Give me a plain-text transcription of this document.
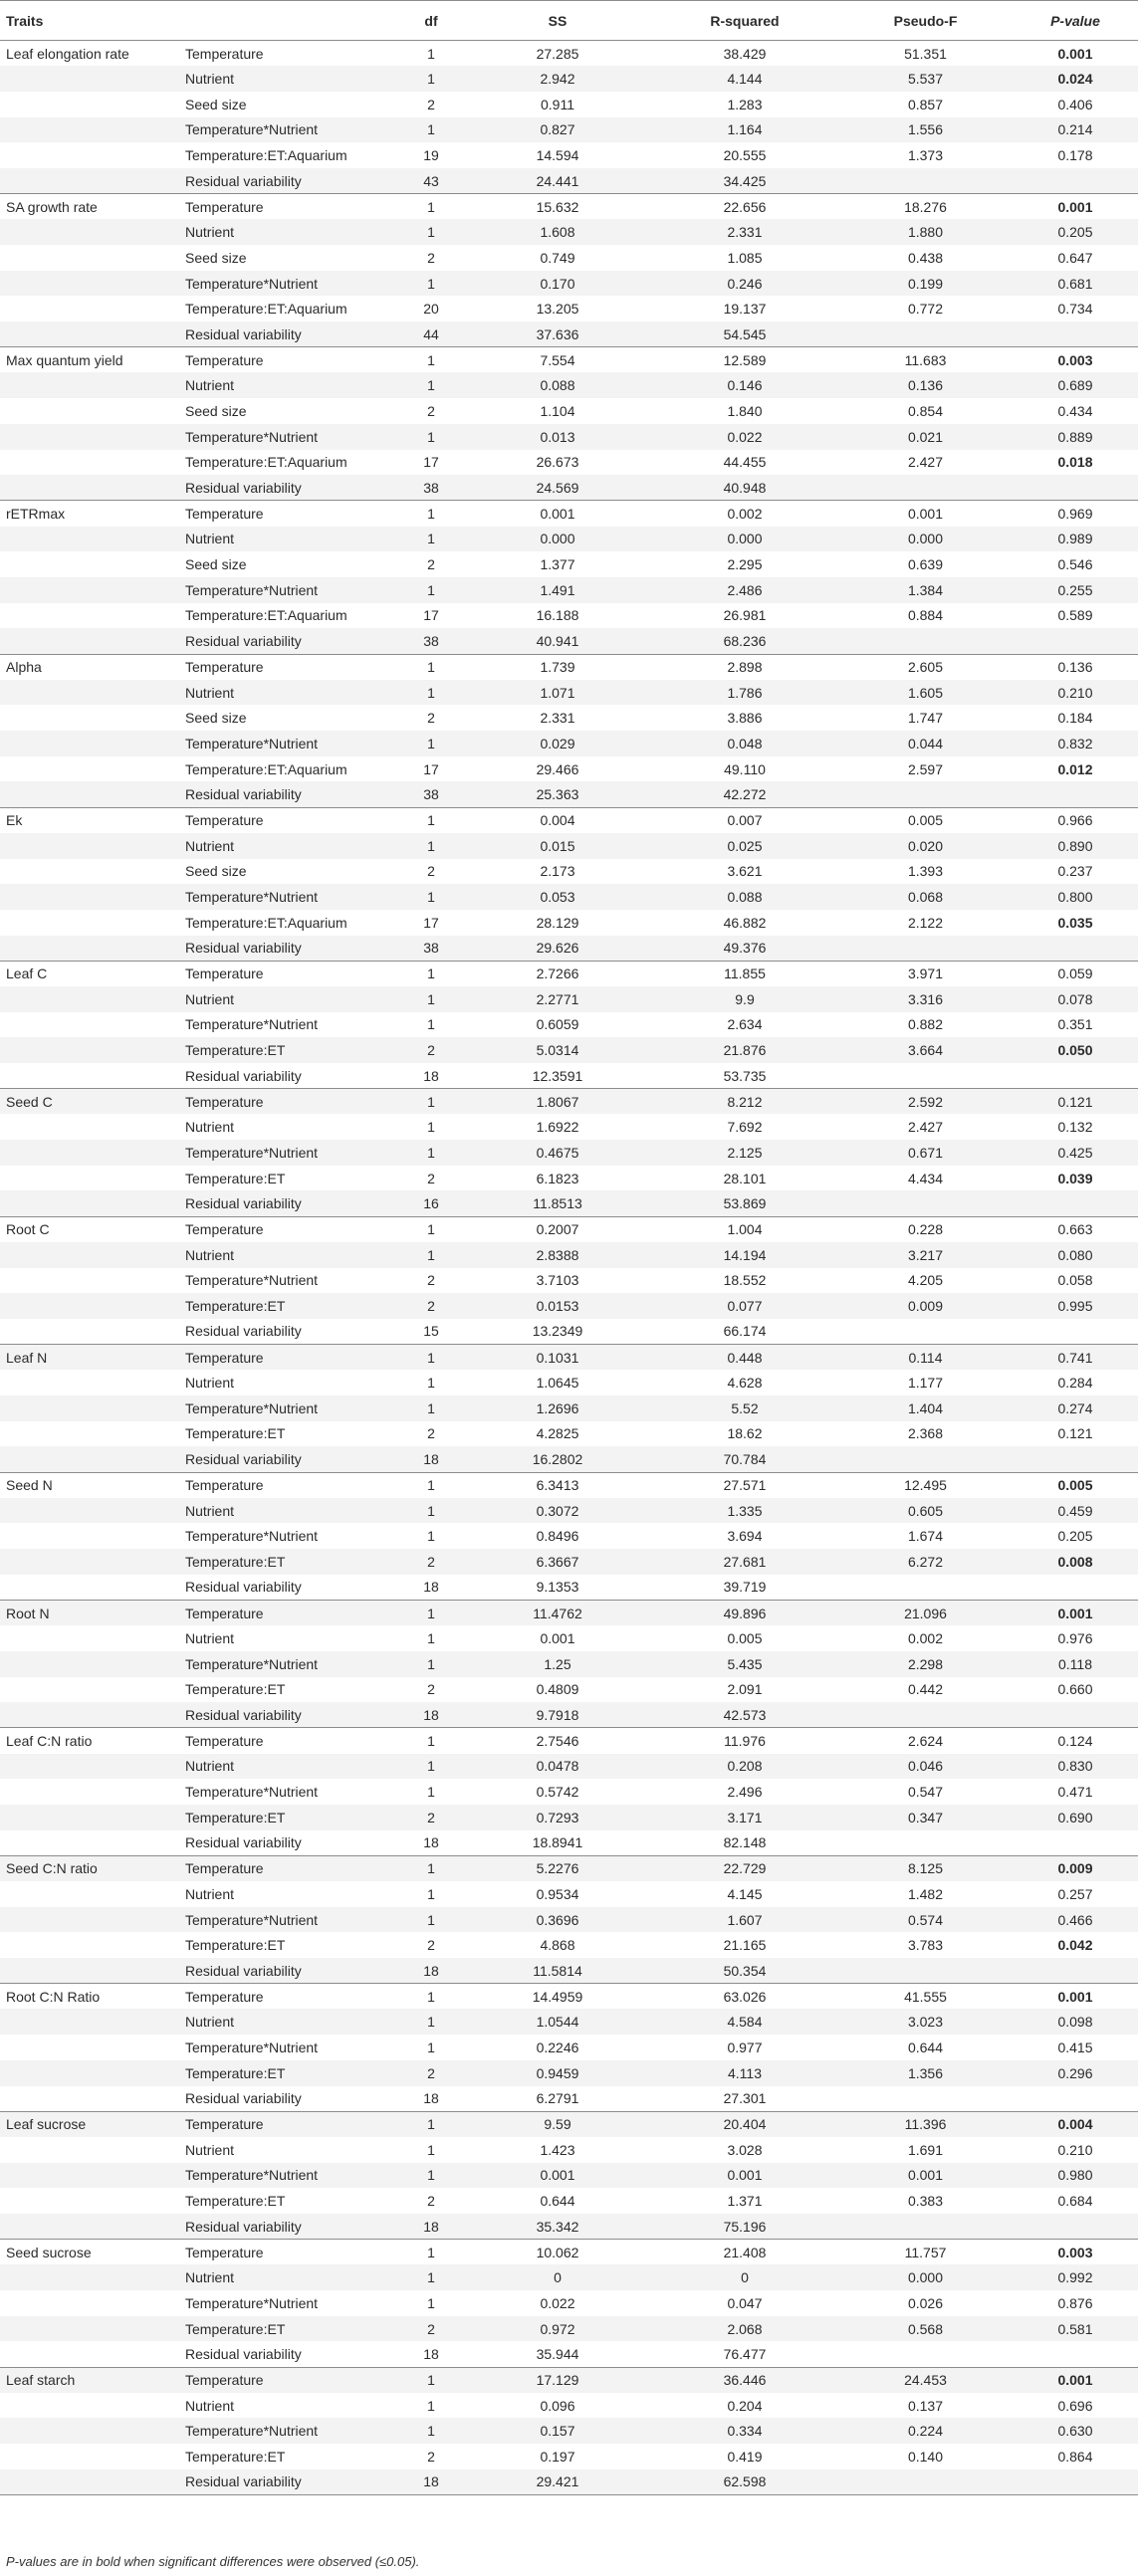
Traits		df	SS	R-squared	Pseudo-F	P-value
Leaf elongation rate	Temperature	1	27.285	38.429	51.351	0.001
	Nutrient	1	2.942	4.144	5.537	0.024
	Seed size	2	0.911	1.283	0.857	0.406
	Temperature*Nutrient	1	0.827	1.164	1.556	0.214
	Temperature:ET:Aquarium	19	14.594	20.555	1.373	0.178
	Residual variability	43	24.441	34.425		
SA growth rate	Temperature	1	15.632	22.656	18.276	0.001
	Nutrient	1	1.608	2.331	1.880	0.205
	Seed size	2	0.749	1.085	0.438	0.647
	Temperature*Nutrient	1	0.170	0.246	0.199	0.681
	Temperature:ET:Aquarium	20	13.205	19.137	0.772	0.734
	Residual variability	44	37.636	54.545		
Max quantum yield	Temperature	1	7.554	12.589	11.683	0.003
	Nutrient	1	0.088	0.146	0.136	0.689
	Seed size	2	1.104	1.840	0.854	0.434
	Temperature*Nutrient	1	0.013	0.022	0.021	0.889
	Temperature:ET:Aquarium	17	26.673	44.455	2.427	0.018
	Residual variability	38	24.569	40.948		
rETRmax	Temperature	1	0.001	0.002	0.001	0.969
	Nutrient	1	0.000	0.000	0.000	0.989
	Seed size	2	1.377	2.295	0.639	0.546
	Temperature*Nutrient	1	1.491	2.486	1.384	0.255
	Temperature:ET:Aquarium	17	16.188	26.981	0.884	0.589
	Residual variability	38	40.941	68.236		
Alpha	Temperature	1	1.739	2.898	2.605	0.136
	Nutrient	1	1.071	1.786	1.605	0.210
	Seed size	2	2.331	3.886	1.747	0.184
	Temperature*Nutrient	1	0.029	0.048	0.044	0.832
	Temperature:ET:Aquarium	17	29.466	49.110	2.597	0.012
	Residual variability	38	25.363	42.272		
Ek	Temperature	1	0.004	0.007	0.005	0.966
	Nutrient	1	0.015	0.025	0.020	0.890
	Seed size	2	2.173	3.621	1.393	0.237
	Temperature*Nutrient	1	0.053	0.088	0.068	0.800
	Temperature:ET:Aquarium	17	28.129	46.882	2.122	0.035
	Residual variability	38	29.626	49.376		
Leaf C	Temperature	1	2.7266	11.855	3.971	0.059
	Nutrient	1	2.2771	9.9	3.316	0.078
	Temperature*Nutrient	1	0.6059	2.634	0.882	0.351
	Temperature:ET	2	5.0314	21.876	3.664	0.050
	Residual variability	18	12.3591	53.735		
Seed C	Temperature	1	1.8067	8.212	2.592	0.121
	Nutrient	1	1.6922	7.692	2.427	0.132
	Temperature*Nutrient	1	0.4675	2.125	0.671	0.425
	Temperature:ET	2	6.1823	28.101	4.434	0.039
	Residual variability	16	11.8513	53.869		
Root C	Temperature	1	0.2007	1.004	0.228	0.663
	Nutrient	1	2.8388	14.194	3.217	0.080
	Temperature*Nutrient	2	3.7103	18.552	4.205	0.058
	Temperature:ET	2	0.0153	0.077	0.009	0.995
	Residual variability	15	13.2349	66.174		
Leaf N	Temperature	1	0.1031	0.448	0.114	0.741
	Nutrient	1	1.0645	4.628	1.177	0.284
	Temperature*Nutrient	1	1.2696	5.52	1.404	0.274
	Temperature:ET	2	4.2825	18.62	2.368	0.121
	Residual variability	18	16.2802	70.784		
Seed N	Temperature	1	6.3413	27.571	12.495	0.005
	Nutrient	1	0.3072	1.335	0.605	0.459
	Temperature*Nutrient	1	0.8496	3.694	1.674	0.205
	Temperature:ET	2	6.3667	27.681	6.272	0.008
	Residual variability	18	9.1353	39.719		
Root N	Temperature	1	11.4762	49.896	21.096	0.001
	Nutrient	1	0.001	0.005	0.002	0.976
	Temperature*Nutrient	1	1.25	5.435	2.298	0.118
	Temperature:ET	2	0.4809	2.091	0.442	0.660
	Residual variability	18	9.7918	42.573		
Leaf C:N ratio	Temperature	1	2.7546	11.976	2.624	0.124
	Nutrient	1	0.0478	0.208	0.046	0.830
	Temperature*Nutrient	1	0.5742	2.496	0.547	0.471
	Temperature:ET	2	0.7293	3.171	0.347	0.690
	Residual variability	18	18.8941	82.148		
Seed C:N ratio	Temperature	1	5.2276	22.729	8.125	0.009
	Nutrient	1	0.9534	4.145	1.482	0.257
	Temperature*Nutrient	1	0.3696	1.607	0.574	0.466
	Temperature:ET	2	4.868	21.165	3.783	0.042
	Residual variability	18	11.5814	50.354		
Root C:N Ratio	Temperature	1	14.4959	63.026	41.555	0.001
	Nutrient	1	1.0544	4.584	3.023	0.098
	Temperature*Nutrient	1	0.2246	0.977	0.644	0.415
	Temperature:ET	2	0.9459	4.113	1.356	0.296
	Residual variability	18	6.2791	27.301		
Leaf sucrose	Temperature	1	9.59	20.404	11.396	0.004
	Nutrient	1	1.423	3.028	1.691	0.210
	Temperature*Nutrient	1	0.001	0.001	0.001	0.980
	Temperature:ET	2	0.644	1.371	0.383	0.684
	Residual variability	18	35.342	75.196		
Seed sucrose	Temperature	1	10.062	21.408	11.757	0.003
	Nutrient	1	0	0	0.000	0.992
	Temperature*Nutrient	1	0.022	0.047	0.026	0.876
	Temperature:ET	2	0.972	2.068	0.568	0.581
	Residual variability	18	35.944	76.477		
Leaf starch	Temperature	1	17.129	36.446	24.453	0.001
	Nutrient	1	0.096	0.204	0.137	0.696
	Temperature*Nutrient	1	0.157	0.334	0.224	0.630
	Temperature:ET	2	0.197	0.419	0.140	0.864
	Residual variability	18	29.421	62.598		
P-values are in bold when significant differences were observed (≤0.05).
